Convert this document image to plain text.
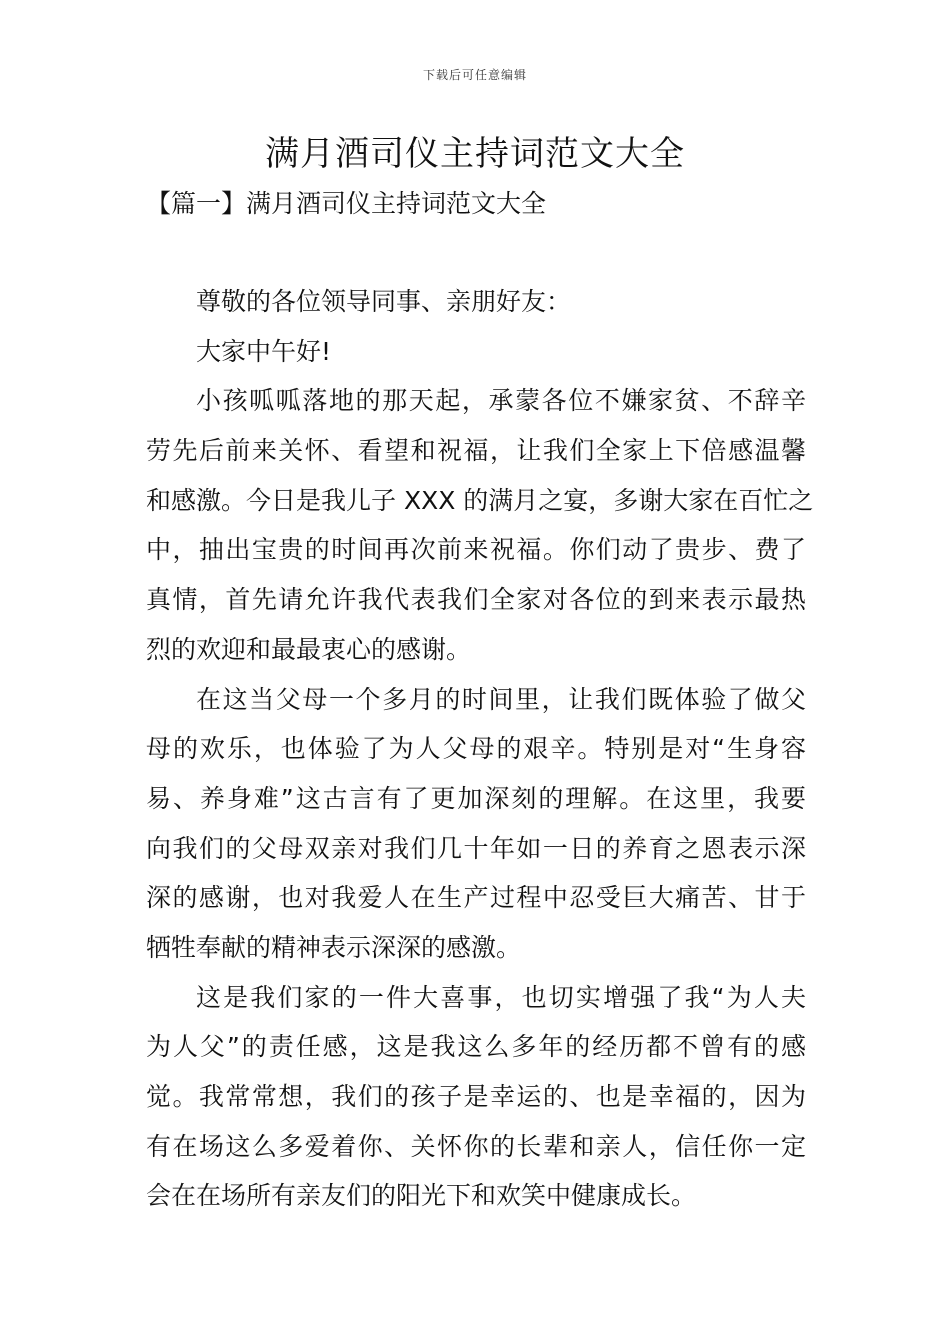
下载后可任意编辑
满月酒司仪主持词范文大全
【篇一】满月酒司仪主持词范文大全
尊敬的各位领导同事、亲朋好友：
大家中午好!
小孩呱呱落地的那天起，承蒙各位不嫌家贫、不辞辛
劳先后前来关怀、看望和祝福，让我们全家上下倍感温馨
和感激。今日是我儿子 XXX 的满月之宴，多谢大家在百忙之
中，抽出宝贵的时间再次前来祝福。你们动了贵步、费了
真情，首先请允许我代表我们全家对各位的到来表示最热
烈的欢迎和最最衷心的感谢。
在这当父母一个多月的时间里，让我们既体验了做父
母的欢乐，也体验了为人父母的艰辛。特别是对“生身容
易、养身难”这古言有了更加深刻的理解。在这里，我要
向我们的父母双亲对我们几十年如一日的养育之恩表示深
深的感谢，也对我爱人在生产过程中忍受巨大痛苦、甘于
牺牲奉献的精神表示深深的感激。
这是我们家的一件大喜事，也切实增强了我“为人夫
为人父”的责任感，这是我这么多年的经历都不曾有的感
觉。我常常想，我们的孩子是幸运的、也是幸福的，因为
有在场这么多爱着你、关怀你的长辈和亲人，信任你一定
会在在场所有亲友们的阳光下和欢笑中健康成长。
